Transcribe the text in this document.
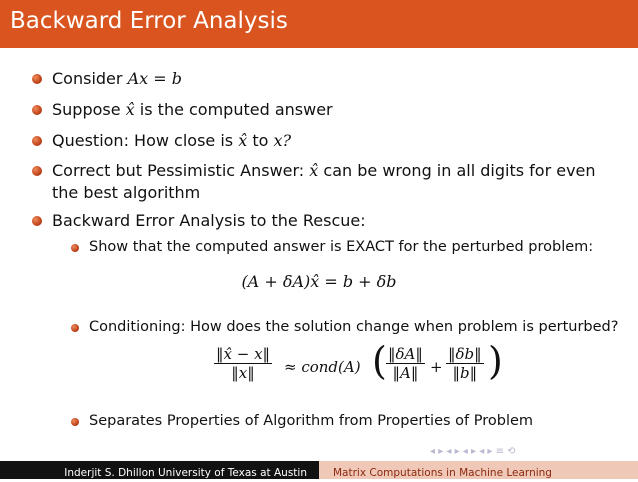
Backward Error Analysis
Consider Ax = b
Suppose x̂ is the computed answer
Question: How close is x̂ to x?
Correct but Pessimistic Answer: x̂ can be wrong in all digits for even
the best algorithm
Backward Error Analysis to the Rescue:
Show that the computed answer is EXACT for the perturbed problem:
(A + δA)x̂ = b + δb
Conditioning: How does the solution change when problem is perturbed?
$\frac{‖x̂ - x‖}{‖x‖}$ ≈ cond(A) ( $\frac{‖\delta A‖}{‖A‖} + \frac{‖\delta b‖}{‖b‖}$ )
Separates Properties of Algorithm from Properties of Problem
◂ ▸ ◂ ▸ ◂ ▸ ◂ ▸ ≡ ⟲
Inderjit S. Dhillon University of Texas at Austin	Matrix Computations in Machine Learning
